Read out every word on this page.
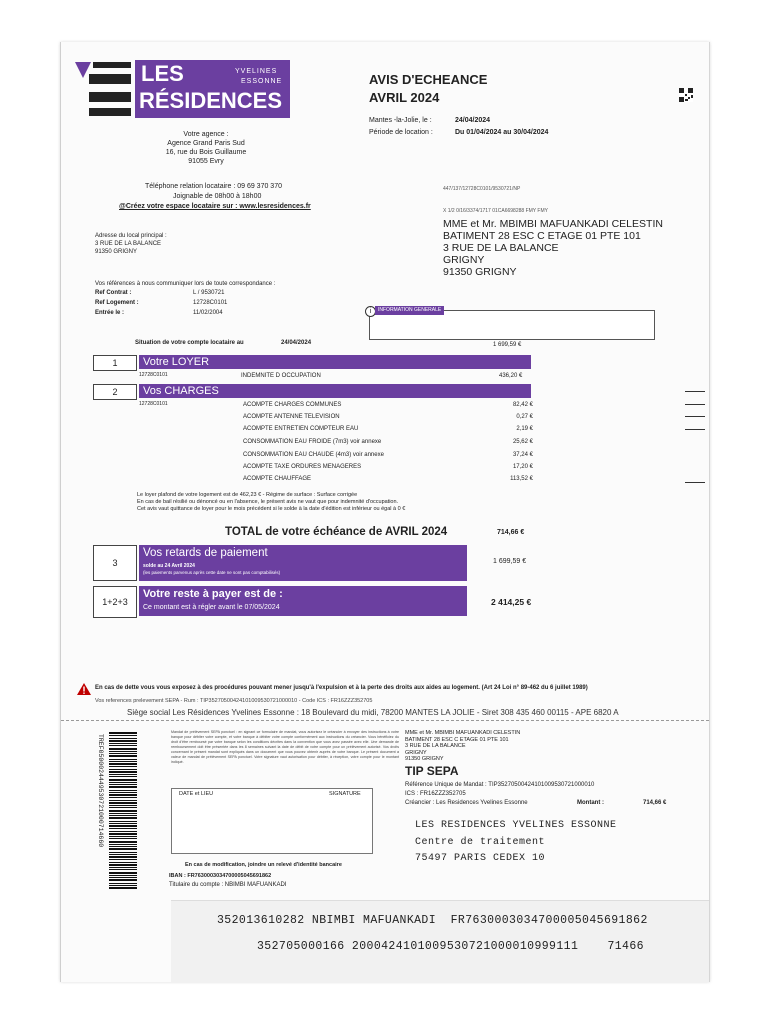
LES
RÉSIDENCES
YVELINES
ESSONNE	AVIS D'ECHEANCE
AVRIL 2024
Mantes -la-Jolie, le :	24/04/2024
Période de location :	Du 01/04/2024 au 30/04/2024
Votre agence :
Agence Grand Paris Sud
16, rue du Bois Guillaume
91055 Evry
Téléphone relation locataire : 09 69 370 370
Joignable de 08h00 à 18h00
@Créez votre espace locataire sur : www.lesresidences.fr
447/137/12728C0101/9530721/NP
X 1/2 0/16/3374/1717 01CA6698288 FMY FMY
MME et Mr. MBIMBI MAFUANKADI CELESTIN
BATIMENT 28 ESC C ETAGE 01 PTE 101
3 RUE DE LA BALANCE
GRIGNY
91350 GRIGNY
Adresse du local principal :
3 RUE DE LA BALANCE
91350 GRIGNY
Vos références à nous communiquer lors de toute correspondance :
Ref Contrat :	L / 9530721
Ref Logement :	12728C0101
Entrée le :	11/02/2004	i	INFORMATION GENERALE
Situation de votre compte locataire au	24/04/2024	1 699,59 €
1	Votre LOYER
12728C0101	INDEMNITE D OCCUPATION	436,20 €
2	Vos CHARGES
12728C0101	ACOMPTE CHARGES COMMUNES	82,42 €
ACOMPTE ANTENNE TELEVISION	0,27 €
ACOMPTE ENTRETIEN COMPTEUR EAU	2,19 €
CONSOMMATION EAU FROIDE (7m3) voir annexe	25,62 €
CONSOMMATION EAU CHAUDE (4m3) voir annexe	37,24 €
ACOMPTE TAXE ORDURES MENAGERES	17,20 €
ACOMPTE CHAUFFAGE	113,52 €
Le loyer plafond de votre logement est de 462,23 € - Régime de surface : Surface corrigée
En cas de bail résilié ou dénoncé ou en l'absence, le présent avis ne vaut que pour indemnité d'occupation.
Cet avis vaut quittance de loyer pour le mois précédent si le solde à la date d'édition est inférieur ou égal à 0 €
TOTAL de votre échéance de AVRIL 2024	714,66 €
3
Vos retards de paiement
solde au 24 Avril 2024
(les paiements parvenus après cette date ne sont pas comptabilisés)
1 699,59 €
1+2+3
Votre reste à payer est de :
Ce montant est à régler avant le 07/05/2024
2 414,25 €
En cas de dette vous vous exposez à des procédures pouvant mener jusqu'à l'expulsion et à la perte des droits aux aides au logement. (Art 24 Loi n° 89-462 du 6 juillet 1989)
Vos references prelevement SEPA - Rum : TIP35270500424101009530721000010 - Code ICS : FR16ZZZ352705
Siège social Les Résidences Yvelines Essonne : 18 Boulevard du midi, 78200 MANTES LA JOLIE - Siret 308 435 460 00115 - APE 6820 A
TREF0500024449530721000714660
Mandat de prélèvement SEPA ponctuel : en signant ce formulaire de mandat, vous autorisez le créancier à envoyer des instructions à votre banque pour débiter votre compte, et votre banque à débiter votre compte conformément aux instructions du créancier. Vous bénéficiez du droit d'être remboursé par votre banque selon les conditions décrites dans la convention que vous avez passée avec elle. Une demande de remboursement doit être présentée dans les 8 semaines suivant la date de débit de votre compte pour un prélèvement autorisé. Vos droits concernant le présent mandat sont expliqués dans un document que vous pouvez obtenir auprès de votre banque. Le présent document a valeur de mandat de prélèvement SEPA ponctuel. Votre signature vaut autorisation pour débiter, à réception, votre compte pour le montant indiqué.
DATE et LIEU	SIGNATURE
En cas de modification, joindre un relevé d'identité bancaire
IBAN : FR7630003034700005045691862
Titulaire du compte : NBIMBI MAFUANKADI
MME et Mr. MBIMBI MAFUANKADI CELESTIN
BATIMENT 28 ESC C ETAGE 01 PTE 101
3 RUE DE LA BALANCE
GRIGNY
91350 GRIGNY
TIP SEPA
Référence Unique de Mandat : TIP35270500424101009530721000010
ICS : FR16ZZZ352705
Créancier : Les Residences Yvelines Essonne	Montant :	714,66 €
LES RESIDENCES YVELINES ESSONNE
Centre de traitement
75497 PARIS CEDEX 10
352013610282 NBIMBI MAFUANKADI  FR7630003034700005045691862
352705000166 2000424101009530721000010999111    71466
